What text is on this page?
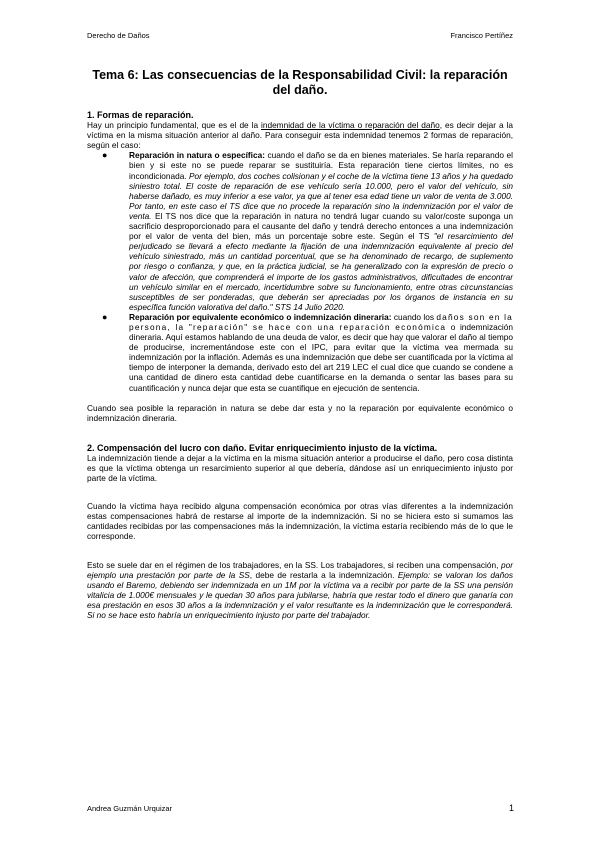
Derecho de Daños	Francisco Pertíñez
Tema 6: Las consecuencias de la Responsabilidad Civil: la reparación del daño.

1. Formas de reparación.

Hay un principio fundamental, que es el de la indemnidad de la víctima o reparación del daño, es decir dejar a la víctima en la misma situación anterior al daño. Para conseguir esta indemnidad tenemos 2 formas de reparación, según el caso:

●	Reparación in natura o específica: cuando el daño se da en bienes materiales. Se haría reparando el bien y si este no se puede reparar se sustituiría. Esta reparación tiene ciertos límites, no es incondicionada. Por ejemplo, dos coches colisionan y el coche de la víctima tiene 13 años y ha quedado siniestro total. El coste de reparación de ese vehículo sería 10.000, pero el valor del vehículo, sin haberse dañado, es muy inferior a ese valor, ya que al tener esa edad tiene un valor de venta de 3.000. Por tanto, en este caso el TS dice que no procede la reparación sino la indemnización por el valor de venta. El TS nos dice que la reparación in natura no tendrá lugar cuando su valor/coste suponga un sacrificio desproporcionado para el causante del daño y tendrá derecho entonces a una indemnización por el valor de venta del bien, más un porcentaje sobre este. Según el TS "el resarcimiento del perjudicado se llevará a efecto mediante la fijación de una indemnización equivalente al precio del vehículo siniestrado, más un cantidad porcentual, que se ha denominado de recargo, de suplemento por riesgo o confianza, y que, en la práctica judicial, se ha generalizado con la expresión de precio o valor de afección, que comprenderá el importe de los gastos administrativos, dificultades de encontrar un vehículo similar en el mercado, incertidumbre sobre su funcionamiento, entre otras circunstancias susceptibles de ser ponderadas, que deberán ser apreciadas por los órganos de instancia en su específica función valorativa del daño." STS 14 Julio 2020.
●	Reparación por equivalente económico o indemnización dineraria: cuando los daños son en la persona, la "reparación" se hace con una reparación económica o indemnización dineraria. Aquí estamos hablando de una deuda de valor, es decir que hay que valorar el daño al tiempo de producirse, incrementándose este con el IPC, para evitar que la víctima vea mermada su indemnización por la inflación. Además es una indemnización que debe ser cuantificada por la víctima al tiempo de interponer la demanda, derivado esto del art 219 LEC el cual dice que cuando se condene a una cantidad de dinero esta cantidad debe cuantificarse en la demanda o sentar las bases para su cuantificación y nunca dejar que esta se cuantifique en ejecución de sentencia.

Cuando sea posible la reparación in natura se debe dar esta y no la reparación por equivalente económico o indemnización dineraria.

2. Compensación del lucro con daño. Evitar enriquecimiento injusto de la víctima.

La indemnización tiende a dejar a la víctima en la misma situación anterior a producirse el daño, pero cosa distinta es que la víctima obtenga un resarcimiento superior al que debería, dándose así un enriquecimiento injusto por parte de la víctima.

Cuando la víctima haya recibido alguna compensación económica por otras vías diferentes a la indemnización estas compensaciones habrá de restarse al importe de la indemnización. Si no se hiciera esto si sumamos las cantidades recibidas por las compensaciones más la indemnización, la víctima estaría recibiendo más de lo que le corresponde.

Esto se suele dar en el régimen de los trabajadores, en la SS. Los trabajadores, si reciben una compensación, por ejemplo una prestación por parte de la SS, debe de restarla a la indemnización. Ejemplo: se valoran los daños usando el Baremo, debiendo ser indemnizada en un 1M por la víctima va a recibir por parte de la SS una pensión vitalicia de 1.000€ mensuales y le quedan 30 años para jubilarse, habría que restar todo el dinero que ganaría con esa prestación en esos 30 años a la indemnización y el valor resultante es la indemnización que le corresponderá. Si no se hace esto habría un enriquecimiento injusto por parte del trabajador.

Andrea Guzmán Urquizar	1
